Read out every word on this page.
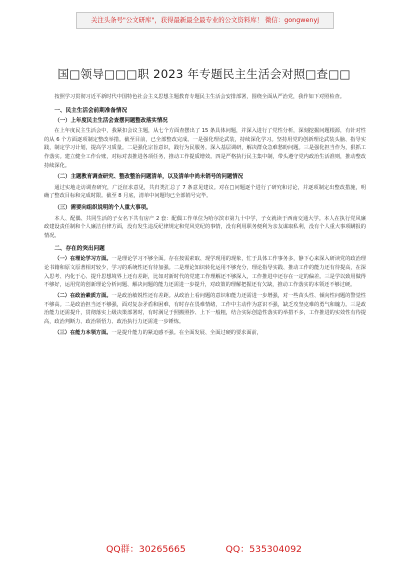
关注头条号"公文研库"，获得最新最全最专业的公文资料库！ 微信：gongwenyj
国□领导□□□职 2023 年专题民主生活会对照□查□□

按照学习贯彻习近平新时代中国特色社会主义思想主题教育专题民主生活会安排部署，围绕全面从严治党，我作如下对照检查。

一、民主生活会前期准备情况
（一）上年度民主生活会查摆问题整改落实情况

在上年度民主生活会中，我紧扣会议主题，从七个方面查摆出了 15 条具体问题，并深入进行了党性分析，深刻挖掘问题根源，有针对性的从 6 个方面逐项制定整改举措。截至目前，已全部整改完成。一是强化理论武装，持续深化学习。坚持用党的创新理论武装头脑、指导实践，制定学习计划，提高学习质量。二是强化宗旨意识，践行为民服务。深入基层调研，解决群众急难愁盼问题。三是强化担当作为，狠抓工作落实。建立健全工作台账，对标对表推进各项任务，推动工作提质增效。四是严格执行民主集中制，带头遵守党内政治生活准则，推动整改持续深化。

（二）主题教育调查研究、整改整治问题清单，以及清单中尚未销号的问题情况

通过实地走访调查研究，广泛征求意见，共归类汇总了 7 条意见建议。对在□问题逐个进行了研究和讨论，并逐项制定出整改措施，明确了整改目标和完成时限。截至 8 月底，清单中问题均已全部销号完毕。

（三）需要向组织说明的个人重大事项。

本人、配偶、共同生活的子女名下共有房产 2 套：配偶工作单位为哈尔滨市第九十中学，子女就读于西南交通大学。本人在执行党风廉政建设责任制和个人廉洁自律方面，没有发生违反纪律规定和党风党纪的事情，没有利用职务便利为亲友谋取私利，没有个人重大事项瞒报的情况。

二、存在的突出问题

（一）在理论学习方面。一是理论学习不够全面。存在按需索取、现学现用的现象，忙于具体工作事务多，静下心来深入研读党的政治理论书籍和原文原著相对较少，学习的系统性还有待加强。二是理论知识转化运用不够充分，理论指导实践、推动工作的能力还有待提高，在深入思考、内化于心、提升思想境界上还有差距，比如对新时代的党建工作理解还不够深入，工作推进中还存在一定的偏差。三是学以致用做得不够好，运用党的创新理论分析问题、解决问题的能力还需进一步提升，对政策的理解把握还有欠缺，推动工作落实的本领还不够过硬。

（二）在政治素质方面。一是政治敏锐性还有差距。从政治上看问题的意识和能力还需进一步增强，对一些苗头性、倾向性问题的警觉性不够高。二是政治担当还不够强，面对复杂矛盾和困难，有时存在畏难情绪，工作中主动作为意识不强，缺乏攻坚克难的勇气和魄力。三是政治能力还需提升，贯彻落实上级决策部署时，有时满足于照搬照抄、上下一般粗，结合实际创造性落实的举措不多，工作推进的实效性有待提高，政治判断力、政治领悟力、政治执行力还需进一步锤炼。

（三）在能力本领方面。一是提升能力的紧迫感不强。在全面发展、全面过硬的要求面前，

QQ群：30265665	QQ：535304092
